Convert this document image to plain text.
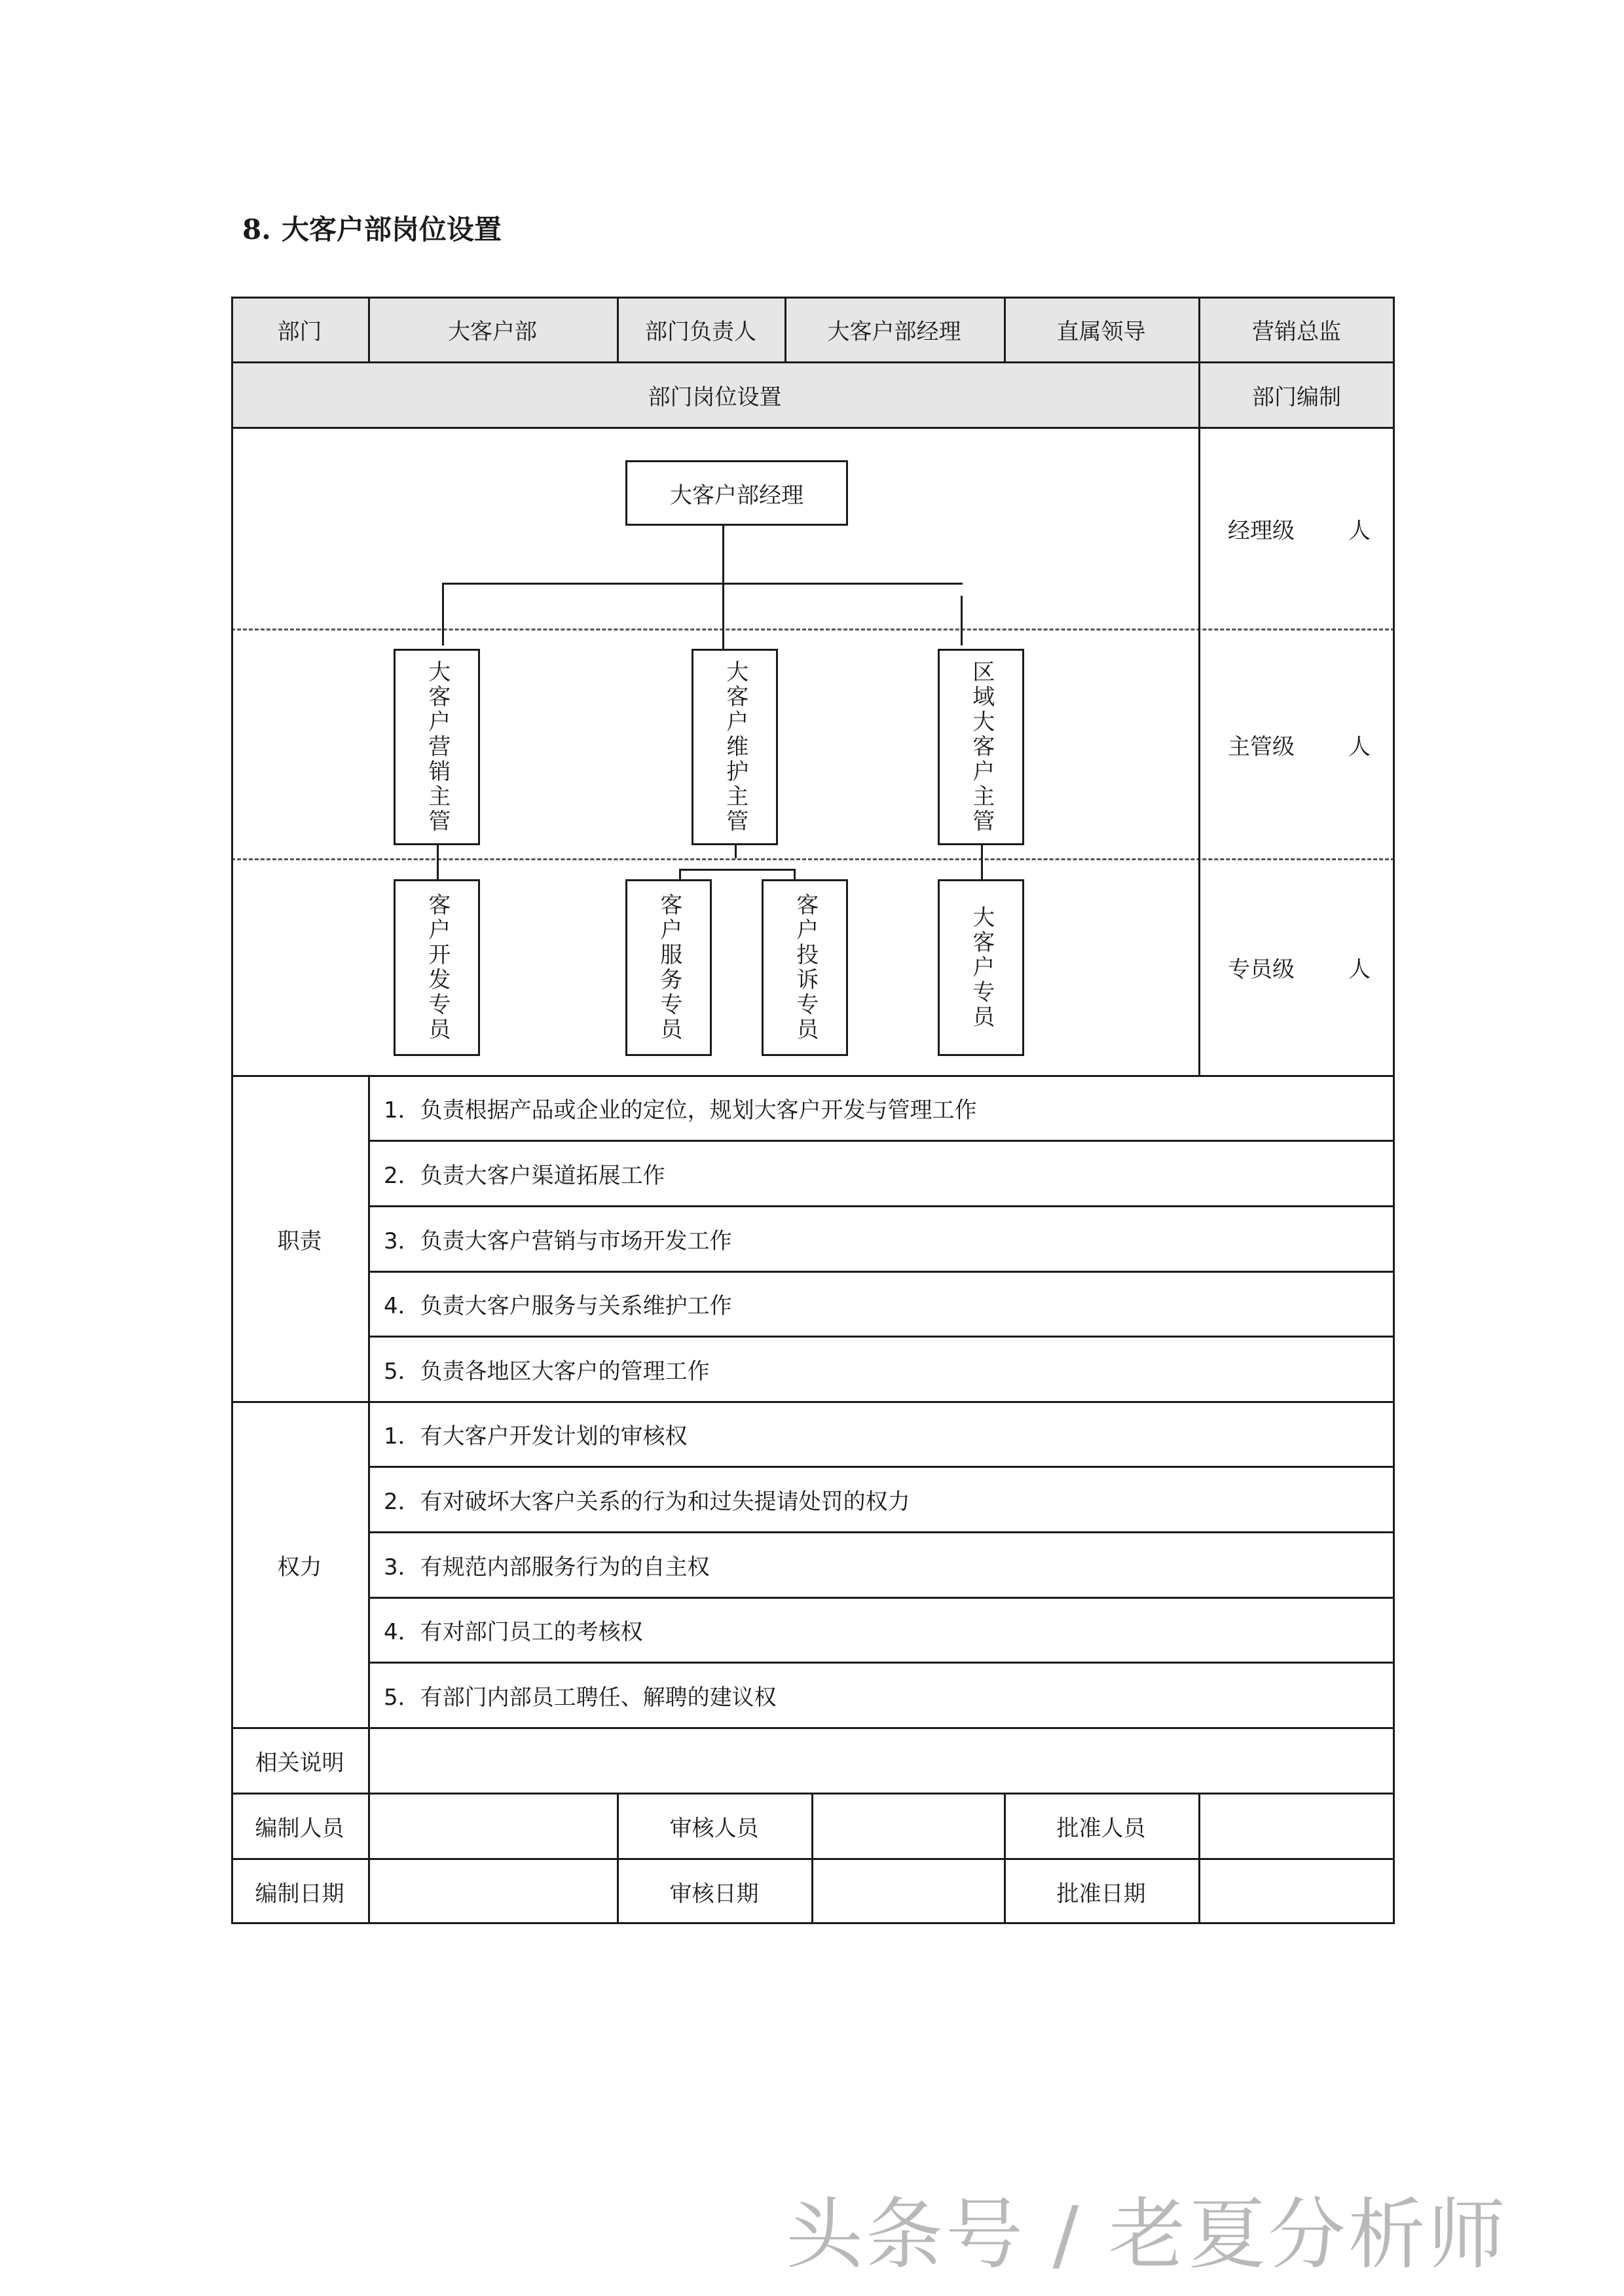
8. 大客户部岗位设置
部门	大客户部	部门负责人	大客户部经理	直属领导	营销总监
部门岗位设置	部门编制
大客户部经理
大客户营销主管	大客户维护主管	区域大客户主管
客户开发专员	客户服务专员	客户投诉专员	大客户专员
经理级 人
主管级 人
专员级 人
职责
1．负责根据产品或企业的定位，规划大客户开发与管理工作
2．负责大客户渠道拓展工作
3．负责大客户营销与市场开发工作
4．负责大客户服务与关系维护工作
5．负责各地区大客户的管理工作
权力
1．有大客户开发计划的审核权
2．有对破坏大客户关系的行为和过失提请处罚的权力
3．有规范内部服务行为的自主权
4．有对部门员工的考核权
5．有部门内部员工聘任、解聘的建议权
相关说明
编制人员	审核人员	批准人员
编制日期	审核日期	批准日期
头条号 / 老夏分析师
